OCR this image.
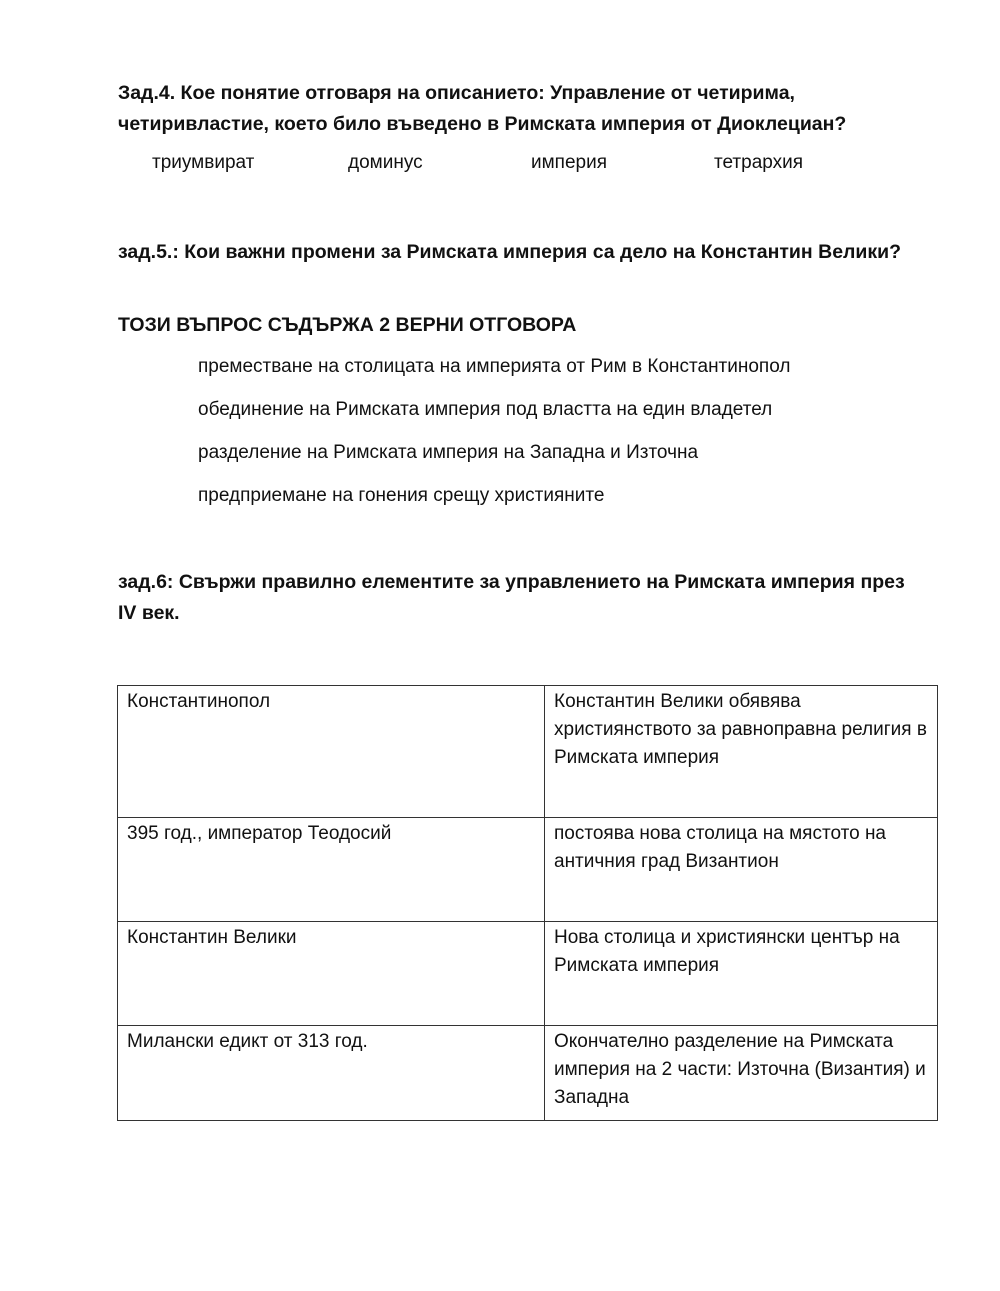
Зад.4. Кое понятие отговаря на описанието: Управление от четирима, четиривластие, което било въведено в Римската империя от Диоклециан?
триумвират	доминус	империя	тетрархия
зад.5.: Кои важни промени за Римската империя са дело на Константин Велики?
ТОЗИ ВЪПРОС СЪДЪРЖА 2 ВЕРНИ ОТГОВОРА
преместване на столицата на империята от Рим в Константинопол
обединение на Римската империя под властта на един владетел
разделение на Римската империя на Западна и Източна
предприемане на гонения срещу християните
зад.6: Свържи правилно елементите за управлението на Римската империя през IV век.
Константинопол	Константин Велики обявява християнството за равноправна религия в Римската империя
395 год., император Теодосий	постоява нова столица на мястото на античния град Византион
Константин Велики	Нова столица и християнски център на Римската империя
Милански едикт от 313 год.	Окончателно разделение на Римската империя на 2 части: Източна (Византия) и Западна
